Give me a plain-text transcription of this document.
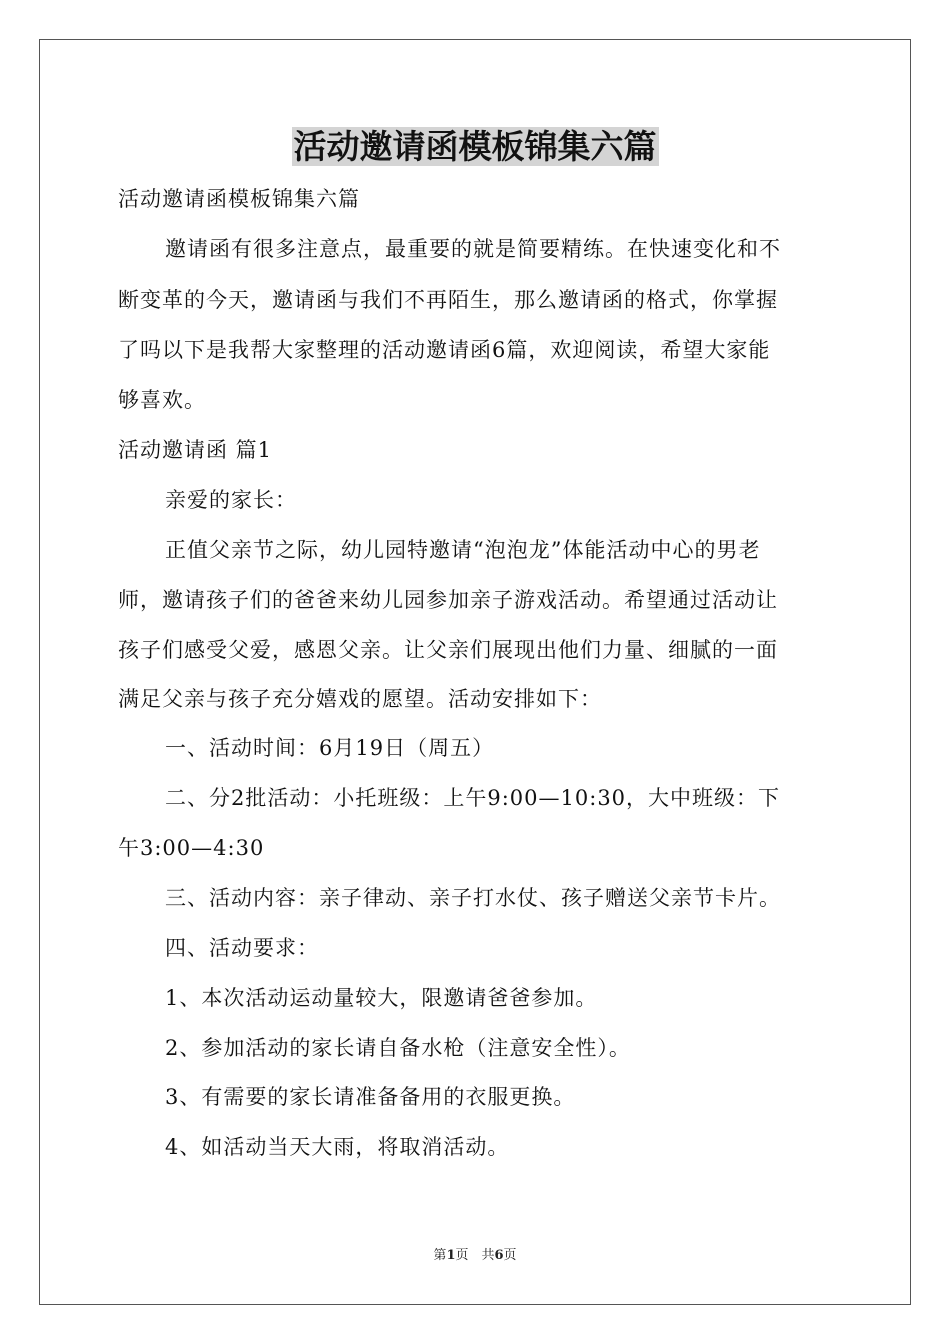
活动邀请函模板锦集六篇
活动邀请函模板锦集六篇
邀请函有很多注意点，最重要的就是简要精练。在快速变化和不
断变革的今天，邀请函与我们不再陌生，那么邀请函的格式，你掌握
了吗以下是我帮大家整理的活动邀请函6篇，欢迎阅读，希望大家能
够喜欢。
活动邀请函 篇1
亲爱的家长：
正值父亲节之际，幼儿园特邀请“泡泡龙”体能活动中心的男老
师，邀请孩子们的爸爸来幼儿园参加亲子游戏活动。希望通过活动让
孩子们感受父爱，感恩父亲。让父亲们展现出他们力量、细腻的一面
满足父亲与孩子充分嬉戏的愿望。活动安排如下：
一、活动时间：6月19日（周五）
二、分2批活动：小托班级：上午9:00—10:30，大中班级：下
午3:00—4:30
三、活动内容：亲子律动、亲子打水仗、孩子赠送父亲节卡片。
四、活动要求：
1、本次活动运动量较大，限邀请爸爸参加。
2、参加活动的家长请自备水枪（注意安全性）。
3、有需要的家长请准备备用的衣服更换。
4、如活动当天大雨，将取消活动。
第1页　共6页
